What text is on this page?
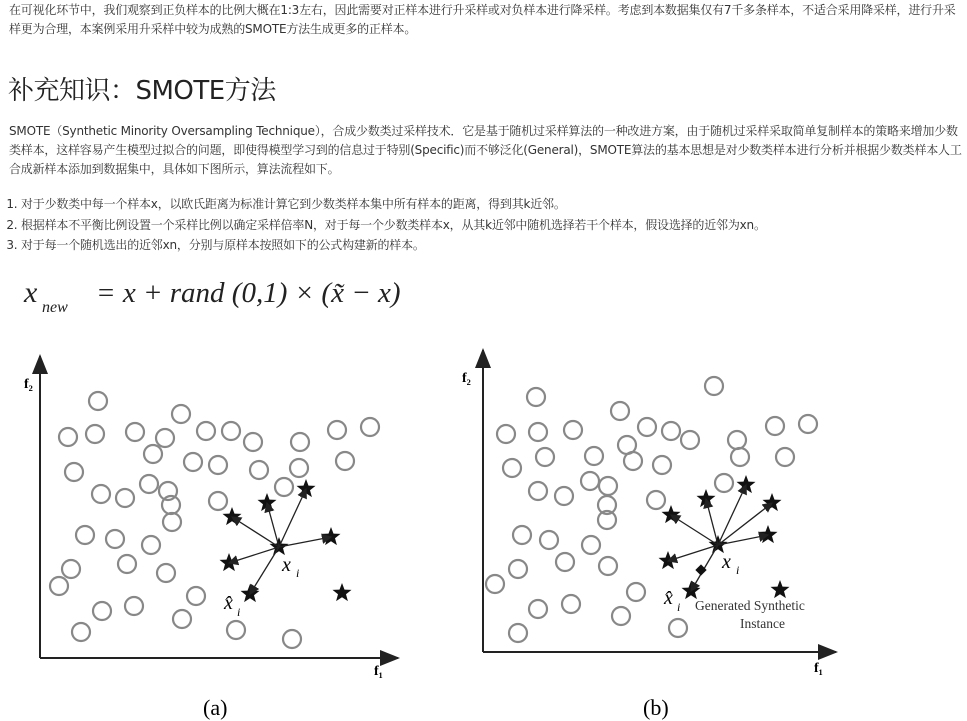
在可视化环节中，我们观察到正负样本的比例大概在1:3左右，因此需要对正样本进行升采样或对负样本进行降采样。考虑到本数据集仅有7千多条样本，不适合采用降采样，进行升采样更为合理，本案例采用升采样中较为成熟的SMOTE方法生成更多的正样本。

补充知识：SMOTE方法

SMOTE（Synthetic Minority Oversampling Technique），合成少数类过采样技术．它是基于随机过采样算法的一种改进方案，由于随机过采样采取简单复制样本的策略来增加少数类样本，这样容易产生模型过拟合的问题，即使得模型学习到的信息过于特别(Specific)而不够泛化(General)，SMOTE算法的基本思想是对少数类样本进行分析并根据少数类样本人工合成新样本添加到数据集中，具体如下图所示，算法流程如下。

1. 对于少数类中每一个样本x，以欧氏距离为标准计算它到少数类样本集中所有样本的距离，得到其k近邻。
2. 根据样本不平衡比例设置一个采样比例以确定采样倍率N，对于每一个少数类样本x，从其k近邻中随机选择若干个样本，假设选择的近邻为xn。
3. 对于每一个随机选出的近邻xn，分别与原样本按照如下的公式构建新的样本。
x new = x + rand (0,1) × (x̃ − x)
f₂
f₁
x i
x̂ i
(a)
f₂
f₁
x i
x̂ i Generated Synthetic
Instance
(b)
